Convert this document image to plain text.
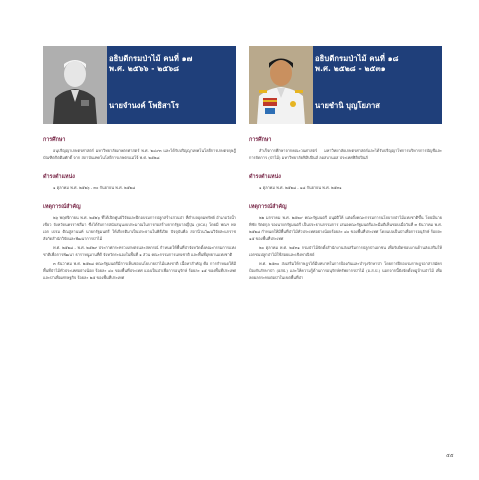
อธิบดีกรมป่าไม้ คนที่ ๑๗
พ.ศ. ๒๕๖๖ - ๒๕๖๘
นายจำนงค์ โพธิสาโร
การศึกษา
อนุปริญญาเกษตรศาสตร์ มหาวิทยาลัยเกษตรศาสตร์ พ.ศ. ๒๔๙๓ และได้รับปริญญาเทคโนโลยีการเกษตรดุษฎีบัณฑิตกิตติมศักดิ์ จาก สถาบันเทคโนโลยีการเกษตรแม่โจ้ พ.ศ. ๒๕๒๘
ดำรงตำแหน่ง
๑ ตุลาคม พ.ศ. ๒๕๒๖ - ๓๐ กันยายน พ.ศ. ๒๕๒๘
เหตุการณ์สำคัญ
๒๖ พฤศจิกายน พ.ศ. ๒๕๒๖ ที่ได้เปิดศูนย์วิจัยและฝึกอบรมการปลูกสร้างสวนป่า ที่ตำบลอุดมทรัพย์ อำเภอวังน้ำเขียว จังหวัดนครราชสีมา ซึ่งได้รับการสนับสนุนงบประมาณในการก่อสร้างจากรัฐบาลญี่ปุ่น (JICA) โดยมี พณฯ พลเอก เปรม ติณสูลานนท์ นายกรัฐมนตรี ให้เกียรติมาเป็นประธานในพิธีเปิด ปัจจุบันคือ สถานีวนวัฒนวิจัยสะแกราช สังกัดสำนักวิจัยและพัฒนาการป่าไม้
พ.ศ. ๒๕๒๘ - พ.ศ. ๒๕๒๙ ประกาศกระทรวงเกษตรและสหกรณ์ กำหนดให้พื้นที่ป่าจังหวัดตั้งคณะกรรมการแห่งชาติเพื่อการพัฒนา ธาราหนูมานที่ดี จังหวัดระนองในพื้นที่ ๑ ส่วน คณะกรรมการแห่งชาติ และพื้นที่อุทยานแห่งชาติ
๓ ธันวาคม พ.ศ. ๒๕๒๘ คณะรัฐมนตรีมีการเห็นชอบนโยบายป่าไม้แห่งชาติ เนื้อหาสำคัญ คือ การกำหนดให้มีพื้นที่ป่าไม้ทั่วประเทศอย่างน้อย ร้อยละ ๔๐ ของพื้นที่ประเทศ แบ่งเป็นป่าเพื่อการอนุรักษ์ ร้อยละ ๑๕ ของพื้นที่ประเทศ และป่าเพื่อเศรษฐกิจ ร้อยละ ๒๕ ของพื้นที่ประเทศ
อธิบดีกรมป่าไม้ คนที่ ๑๘
พ.ศ. ๒๕๒๘ - ๒๕๓๑
นายชำนิ บุญโยภาส
การศึกษา
สำเร็จการศึกษาจากคณะวนศาสตร์ มหาวิทยาลัยเกษตรศาสตร์และได้รับปริญญาโทการบริหารการบัญชีและการจัดการ (ป่าไม้) มหาวิทยาลัยฟิลิปปินส์ ลอสบานอส ประเทศฟิลิปปินส์
ดำรงตำแหน่ง
๑ ตุลาคม พ.ศ. ๒๕๒๘ - ๑๘ กันยายน พ.ศ. ๒๕๓๑
เหตุการณ์สำคัญ
๒๒ มกราคม พ.ศ. ๒๕๒๙ คณะรัฐมนตรี อนุมัติให้ แต่งตั้งคณะกรรมการนโยบายป่าไม้แห่งชาติขึ้น โดยมีนายพิชัย รัตตกุล รองนายกรัฐมนตรี เป็นประธานกรรมการ เสนอคณะรัฐมนตรีและมีมติเห็นชอบเมื่อวันที่ ๓ ธันวาคม พ.ศ. ๒๕๒๘ กำหนดให้มีพื้นที่ป่าไม้ทั่วประเทศอย่างน้อยร้อยละ ๔๐ ของพื้นที่ประเทศ โดยแบ่งเป็นป่าเพื่อการอนุรักษ์ ร้อยละ ๑๕ ของพื้นที่ประเทศ
๒๐ ตุลาคม พ.ศ. ๒๕๓๑ กรมป่าไม้จัดตั้งสำนักงานส่งเสริมการปลูกป่าเอกชน เพื่อรับผิดชอบงานด้านส่งเสริมให้เอกชนปลูกป่าไม้ใช้สอยและเชิงพาณิชย์
พ.ศ. ๒๕๓๐ ส่งเสริมให้ราษฎรได้มีบทบาทในการป้องกันและบำรุงรักษาป่า โดยการฝึกอบรมราษฎรอาสาสมัครป้องกันรักษาป่า (อสป.) และให้ความรู้ด้านการอนุรักษ์ทรัพยากรป่าไม้ (อ.ส.ป.) นอกจากนี้ยังจัดตั้งหมู่บ้านป่าไม้ เพื่อลดผลกระทบต่อป่าในเขตพื้นที่ป่า
๕๕
